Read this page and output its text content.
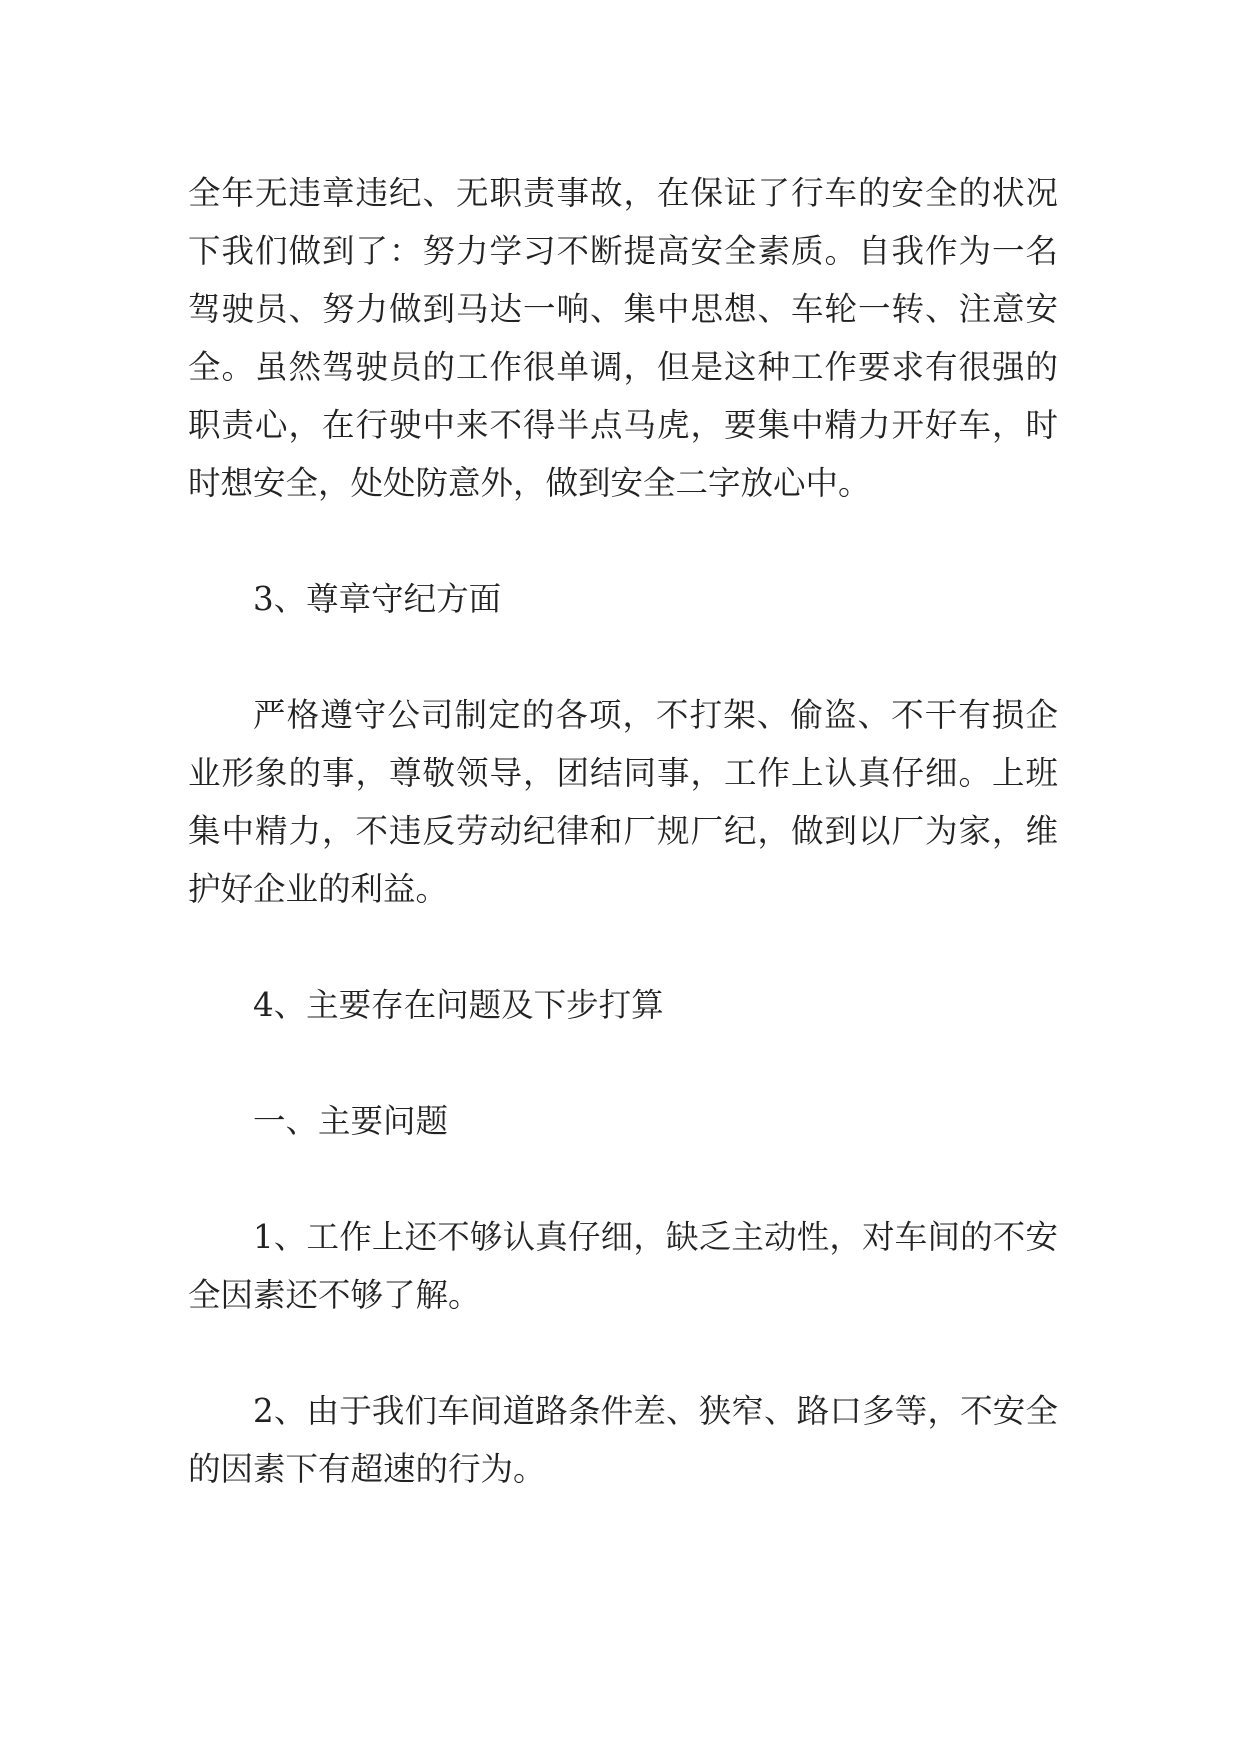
全年无违章违纪、无职责事故，在保证了行车的安全的状况下我们做到了：努力学习不断提高安全素质。自我作为一名驾驶员、努力做到马达一响、集中思想、车轮一转、注意安全。虽然驾驶员的工作很单调，但是这种工作要求有很强的职责心，在行驶中来不得半点马虎，要集中精力开好车，时时想安全，处处防意外，做到安全二字放心中。

3、尊章守纪方面

严格遵守公司制定的各项，不打架、偷盗、不干有损企业形象的事，尊敬领导，团结同事，工作上认真仔细。上班集中精力，不违反劳动纪律和厂规厂纪，做到以厂为家，维护好企业的利益。

4、主要存在问题及下步打算

一、主要问题

1、工作上还不够认真仔细，缺乏主动性，对车间的不安全因素还不够了解。

2、由于我们车间道路条件差、狭窄、路口多等，不安全的因素下有超速的行为。
